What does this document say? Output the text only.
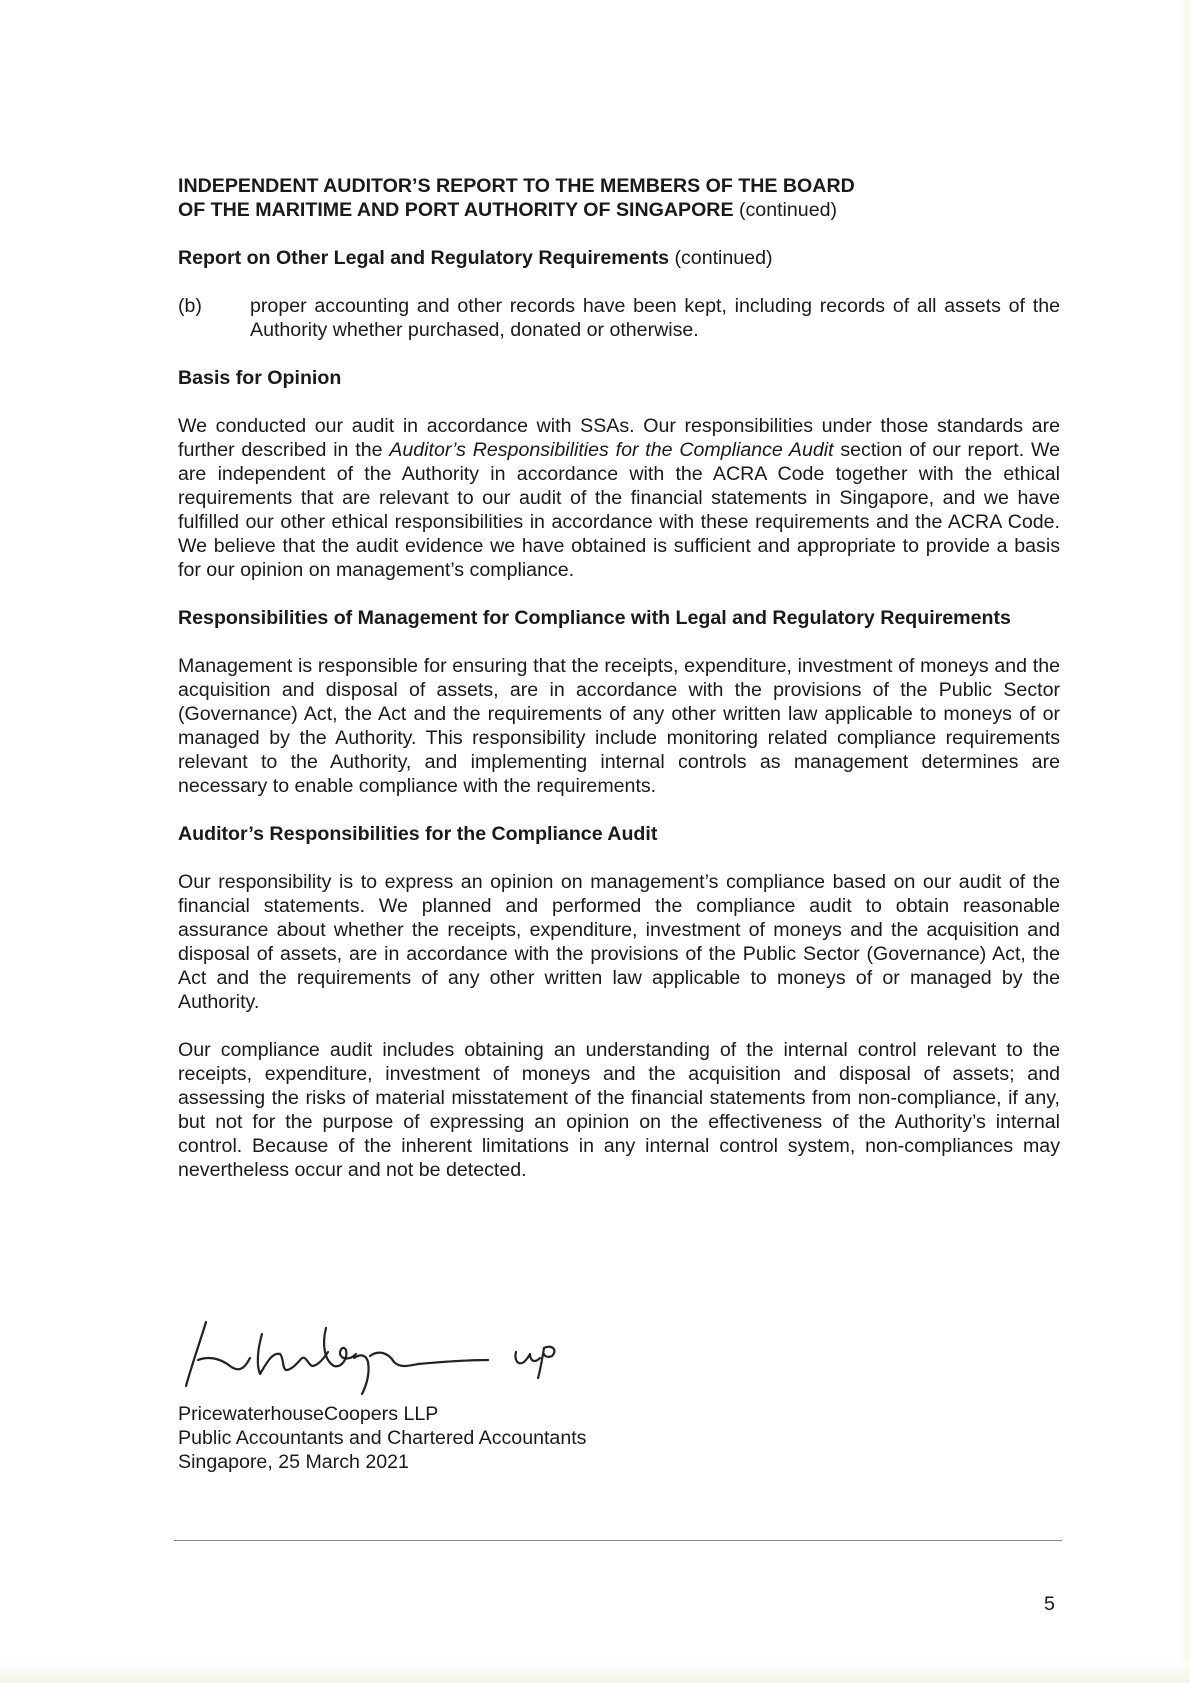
INDEPENDENT AUDITOR’S REPORT TO THE MEMBERS OF THE BOARD
OF THE MARITIME AND PORT AUTHORITY OF SINGAPORE (continued)
Report on Other Legal and Regulatory Requirements (continued)
(b)	proper accounting and other records have been kept, including records of all assets of the Authority whether purchased, donated or otherwise.
Basis for Opinion

We conducted our audit in accordance with SSAs. Our responsibilities under those standards are further described in the Auditor’s Responsibilities for the Compliance Audit section of our report. We are independent of the Authority in accordance with the ACRA Code together with the ethical requirements that are relevant to our audit of the financial statements in Singapore, and we have fulfilled our other ethical responsibilities in accordance with these requirements and the ACRA Code. We believe that the audit evidence we have obtained is sufficient and appropriate to provide a basis for our opinion on management’s compliance.

Responsibilities of Management for Compliance with Legal and Regulatory Requirements

Management is responsible for ensuring that the receipts, expenditure, investment of moneys and the acquisition and disposal of assets, are in accordance with the provisions of the Public Sector (Governance) Act, the Act and the requirements of any other written law applicable to moneys of or managed by the Authority. This responsibility include monitoring related compliance requirements relevant to the Authority, and implementing internal controls as management determines are necessary to enable compliance with the requirements.

Auditor’s Responsibilities for the Compliance Audit

Our responsibility is to express an opinion on management’s compliance based on our audit of the financial statements. We planned and performed the compliance audit to obtain reasonable assurance about whether the receipts, expenditure, investment of moneys and the acquisition and disposal of assets, are in accordance with the provisions of the Public Sector (Governance) Act, the Act and the requirements of any other written law applicable to moneys of or managed by the Authority.

Our compliance audit includes obtaining an understanding of the internal control relevant to the receipts, expenditure, investment of moneys and the acquisition and disposal of assets; and assessing the risks of material misstatement of the financial statements from non-compliance, if any, but not for the purpose of expressing an opinion on the effectiveness of the Authority’s internal control. Because of the inherent limitations in any internal control system, non-compliances may nevertheless occur and not be detected.

PricewaterhouseCoopers LLP
Public Accountants and Chartered Accountants
Singapore, 25 March 2021
5
